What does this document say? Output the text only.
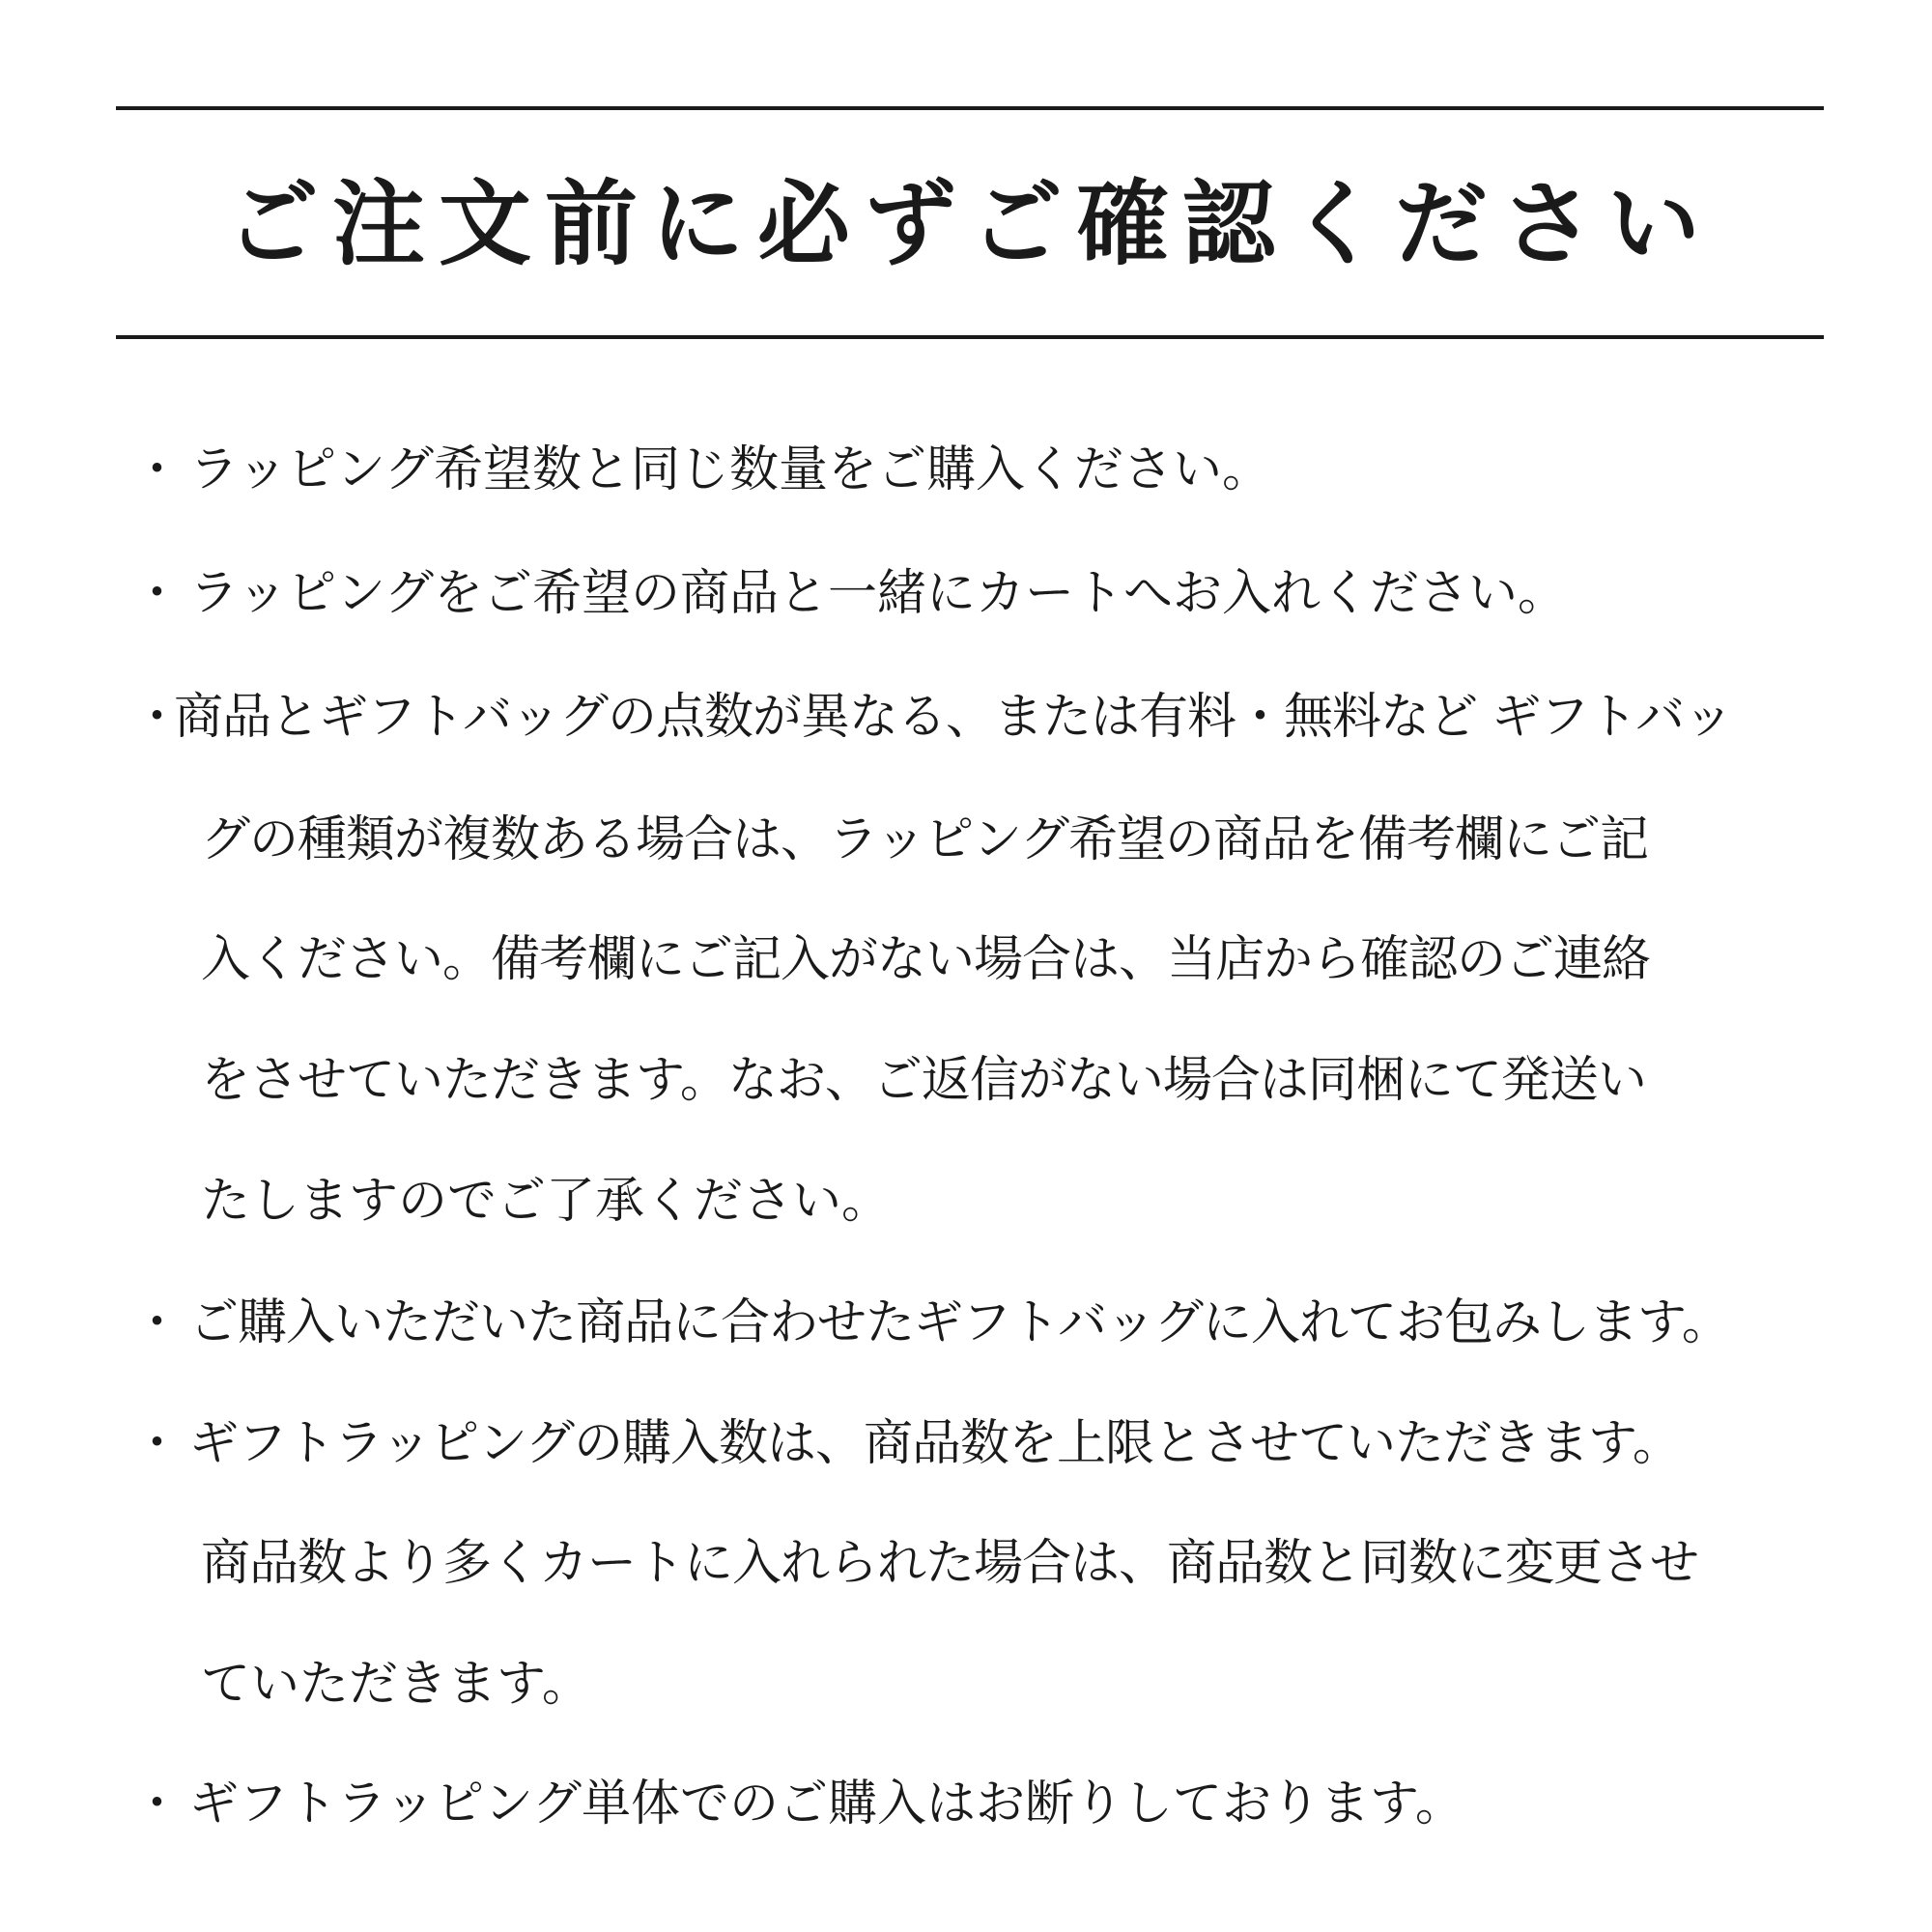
ご注文前に必ずご確認ください
・ ラッピング希望数と同じ数量をご購入ください。
・ ラッピングをご希望の商品と一緒にカートへお入れください。
・
商品とギフトバッグの点数が異なる、または有料・無料など ギフトバッ
グの種類が複数ある場合は、ラッピング希望の商品を備考欄にご記
入ください。備考欄にご記入がない場合は、当店から確認のご連絡
をさせていただきます。なお、ご返信がない場合は同梱にて発送い
たしますのでご了承ください。
・ ご購入いただいた商品に合わせたギフトバッグに入れてお包みします。
・ ギフトラッピングの購入数は、商品数を上限とさせていただきます。
商品数より多くカートに入れられた場合は、商品数と同数に変更させ
ていただきます。
・ ギフトラッピング単体でのご購入はお断りしております。
